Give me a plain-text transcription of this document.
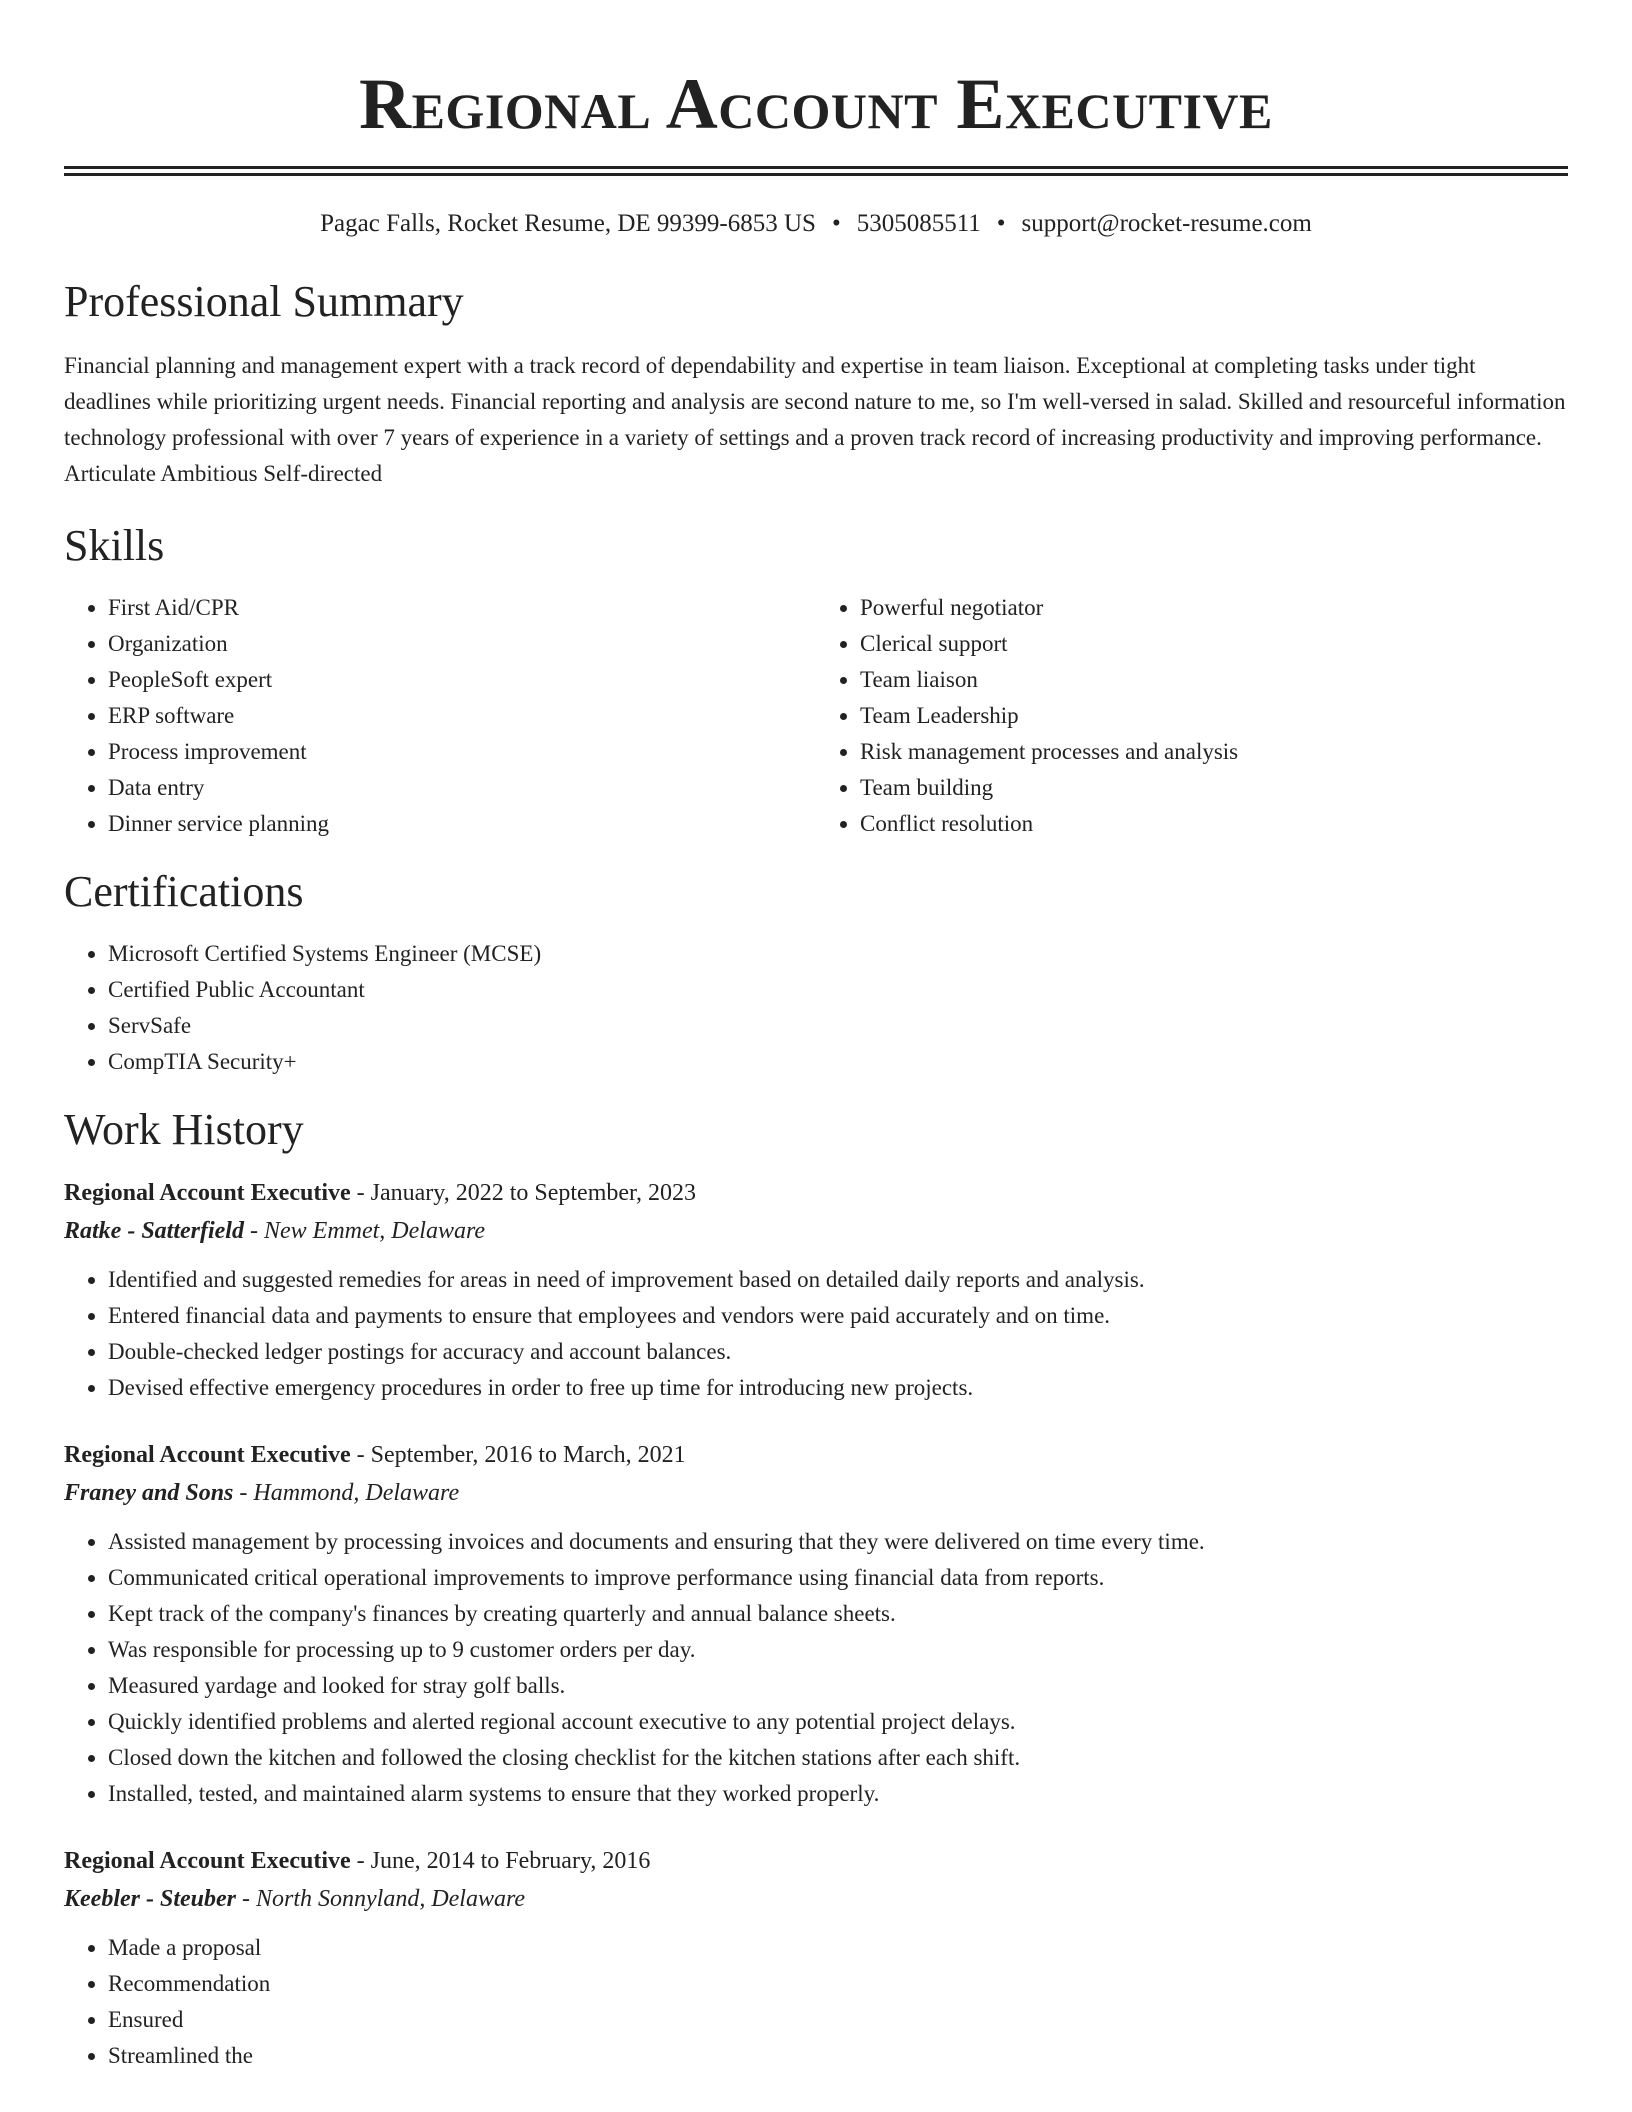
Regional Account Executive
Pagac Falls, Rocket Resume, DE 99399-6853 US • 5305085511 • support@rocket-resume.com
Professional Summary
Financial planning and management expert with a track record of dependability and expertise in team liaison. Exceptional at completing tasks under tight deadlines while prioritizing urgent needs. Financial reporting and analysis are second nature to me, so I'm well-versed in salad. Skilled and resourceful information technology professional with over 7 years of experience in a variety of settings and a proven track record of increasing productivity and improving performance. Articulate Ambitious Self-directed
Skills
• First Aid/CPR
• Organization
• PeopleSoft expert
• ERP software
• Process improvement
• Data entry
• Dinner service planning
• Powerful negotiator
• Clerical support
• Team liaison
• Team Leadership
• Risk management processes and analysis
• Team building
• Conflict resolution
Certifications
• Microsoft Certified Systems Engineer (MCSE)
• Certified Public Accountant
• ServSafe
• CompTIA Security+
Work History
Regional Account Executive - January, 2022 to September, 2023
Ratke - Satterfield - New Emmet, Delaware
• Identified and suggested remedies for areas in need of improvement based on detailed daily reports and analysis.
• Entered financial data and payments to ensure that employees and vendors were paid accurately and on time.
• Double-checked ledger postings for accuracy and account balances.
• Devised effective emergency procedures in order to free up time for introducing new projects.
Regional Account Executive - September, 2016 to March, 2021
Franey and Sons - Hammond, Delaware
• Assisted management by processing invoices and documents and ensuring that they were delivered on time every time.
• Communicated critical operational improvements to improve performance using financial data from reports.
• Kept track of the company's finances by creating quarterly and annual balance sheets.
• Was responsible for processing up to 9 customer orders per day.
• Measured yardage and looked for stray golf balls.
• Quickly identified problems and alerted regional account executive to any potential project delays.
• Closed down the kitchen and followed the closing checklist for the kitchen stations after each shift.
• Installed, tested, and maintained alarm systems to ensure that they worked properly.
Regional Account Executive - June, 2014 to February, 2016
Keebler - Steuber - North Sonnyland, Delaware
• Made a proposal
• Recommendation
• Ensured
• Streamlined the
